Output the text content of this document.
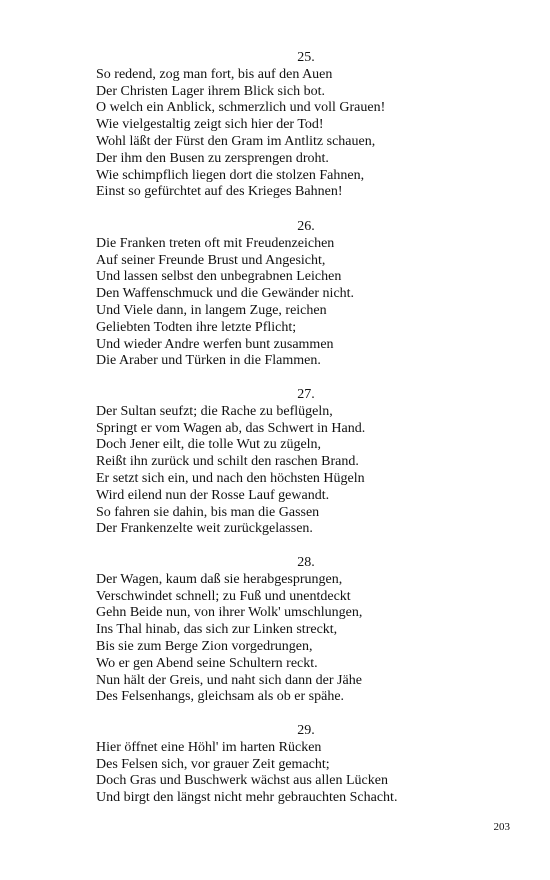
25.
So redend, zog man fort, bis auf den Auen
Der Christen Lager ihrem Blick sich bot.
O welch ein Anblick, schmerzlich und voll Grauen!
Wie vielgestaltig zeigt sich hier der Tod!
Wohl läßt der Fürst den Gram im Antlitz schauen,
Der ihm den Busen zu zersprengen droht.
Wie schimpflich liegen dort die stolzen Fahnen,
Einst so gefürchtet auf des Krieges Bahnen!
26.
Die Franken treten oft mit Freudenzeichen
Auf seiner Freunde Brust und Angesicht,
Und lassen selbst den unbegrabnen Leichen
Den Waffenschmuck und die Gewänder nicht.
Und Viele dann, in langem Zuge, reichen
Geliebten Todten ihre letzte Pflicht;
Und wieder Andre werfen bunt zusammen
Die Araber und Türken in die Flammen.
27.
Der Sultan seufzt; die Rache zu beflügeln,
Springt er vom Wagen ab, das Schwert in Hand.
Doch Jener eilt, die tolle Wut zu zügeln,
Reißt ihn zurück und schilt den raschen Brand.
Er setzt sich ein, und nach den höchsten Hügeln
Wird eilend nun der Rosse Lauf gewandt.
So fahren sie dahin, bis man die Gassen
Der Frankenzelte weit zurückgelassen.
28.
Der Wagen, kaum daß sie herabgesprungen,
Verschwindet schnell; zu Fuß und unentdeckt
Gehn Beide nun, von ihrer Wolk' umschlungen,
Ins Thal hinab, das sich zur Linken streckt,
Bis sie zum Berge Zion vorgedrungen,
Wo er gen Abend seine Schultern reckt.
Nun hält der Greis, und naht sich dann der Jähe
Des Felsenhangs, gleichsam als ob er spähe.
29.
Hier öffnet eine Höhl' im harten Rücken
Des Felsen sich, vor grauer Zeit gemacht;
Doch Gras und Buschwerk wächst aus allen Lücken
Und birgt den längst nicht mehr gebrauchten Schacht.
203
